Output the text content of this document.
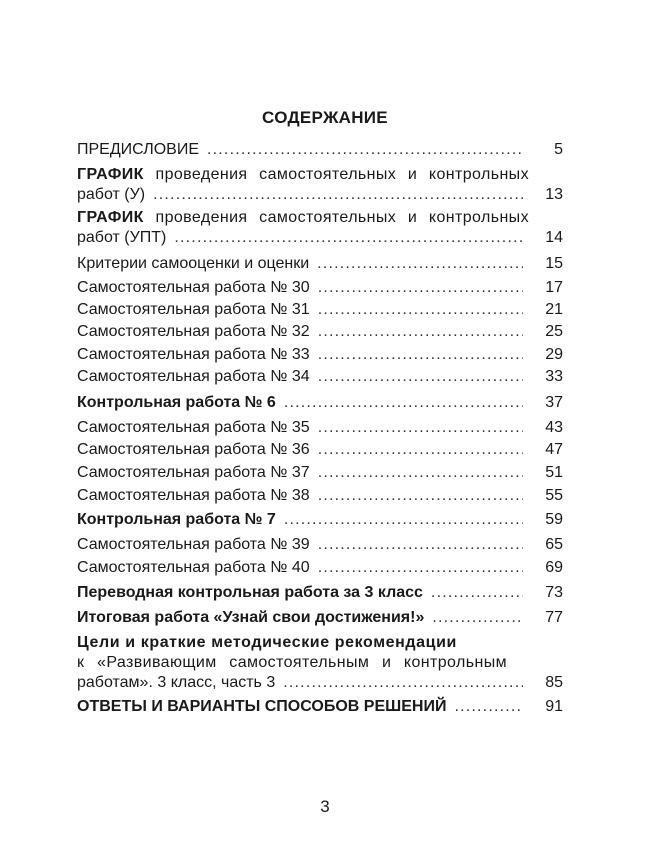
СОДЕРЖАНИЕ
ПРЕДИСЛОВИЕ .....	5
ГРАФИК проведения самостоятельных и контрольных
работ (У) .....	13
ГРАФИК проведения самостоятельных и контрольных
работ (УПТ) .....	14
Критерии самооценки и оценки .....	15
Самостоятельная работа № 30 .....	17
Самостоятельная работа № 31 .....	21
Самостоятельная работа № 32 .....	25
Самостоятельная работа № 33 .....	29
Самостоятельная работа № 34 .....	33
Контрольная работа № 6 .....	37
Самостоятельная работа № 35 .....	43
Самостоятельная работа № 36 .....	47
Самостоятельная работа № 37 .....	51
Самостоятельная работа № 38 .....	55
Контрольная работа № 7 .....	59
Самостоятельная работа № 39 .....	65
Самостоятельная работа № 40 .....	69
Переводная контрольная работа за 3 класс .....	73
Итоговая работа «Узнай свои достижения!» .....	77
Цели и краткие методические рекомендации
к «Развивающим самостоятельным и контрольным
работам». 3 класс, часть 3 .....	85
ОТВЕТЫ И ВАРИАНТЫ СПОСОБОВ РЕШЕНИЙ .....	91
3
